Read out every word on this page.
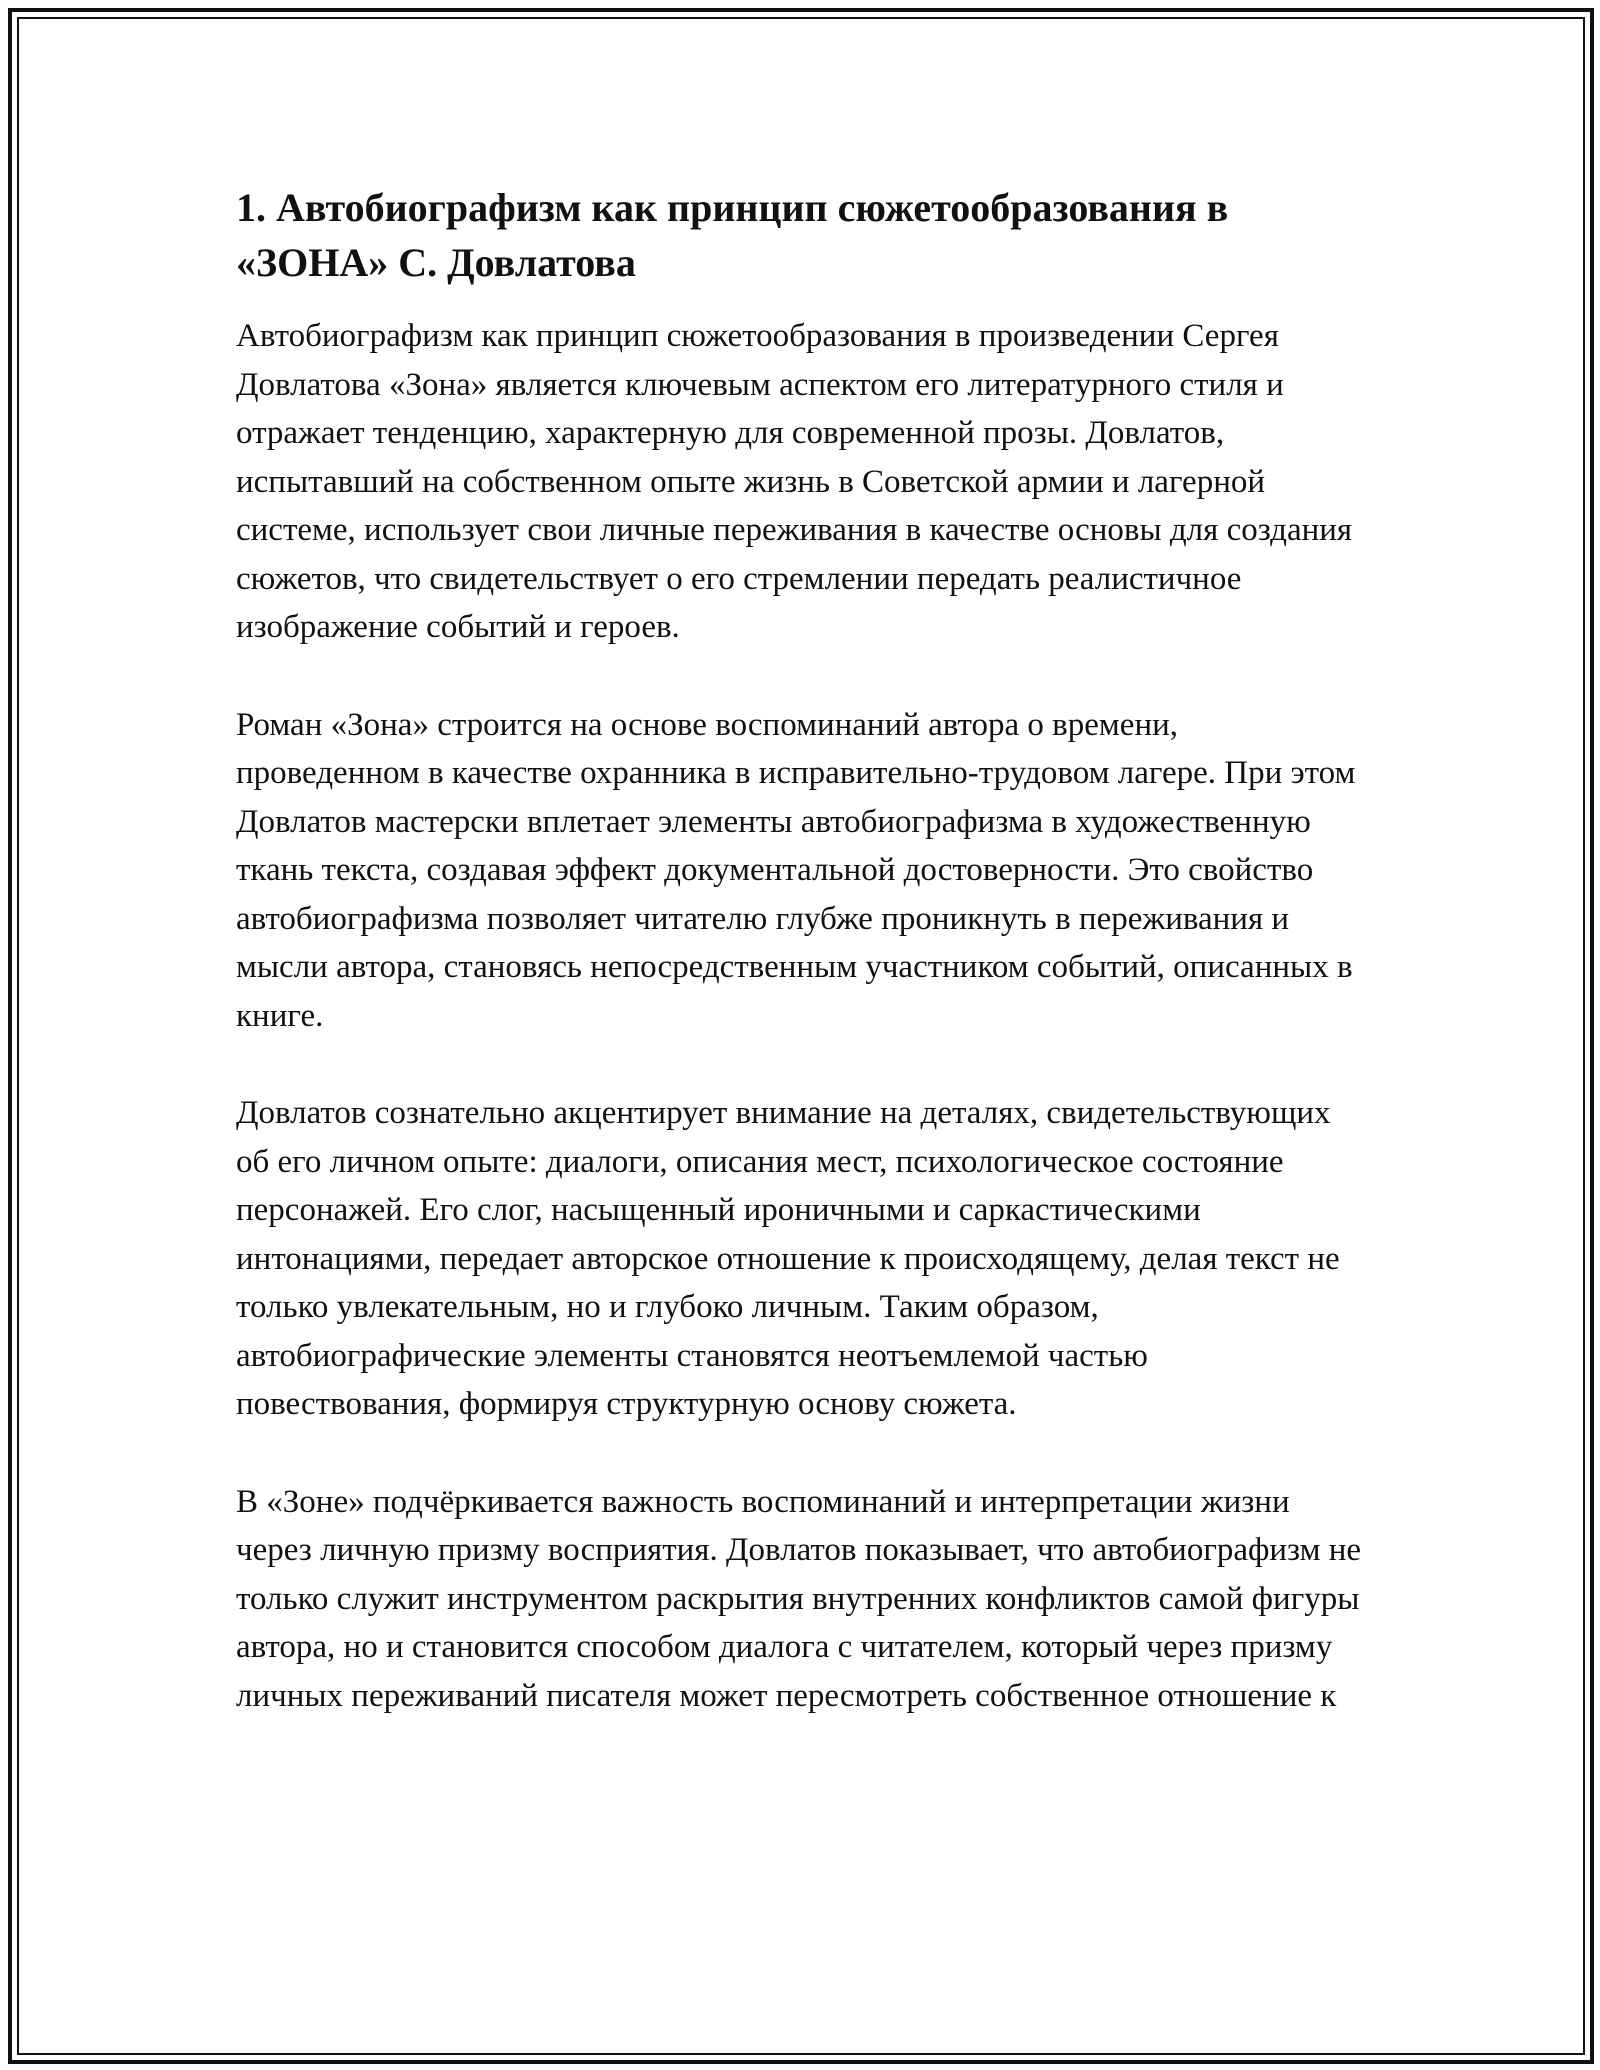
1. Автобиографизм как принцип сюжетообразования в «ЗОНА» С. Довлатова

Автобиографизм как принцип сюжетообразования в произведении Сергея Довлатова «Зона» является ключевым аспектом его литературного стиля и отражает тенденцию, характерную для современной прозы. Довлатов, испытавший на собственном опыте жизнь в Советской армии и лагерной системе, использует свои личные переживания в качестве основы для создания сюжетов, что свидетельствует о его стремлении передать реалистичное изображение событий и героев.

Роман «Зона» строится на основе воспоминаний автора о времени, проведенном в качестве охранника в исправительно-трудовом лагере. При этом Довлатов мастерски вплетает элементы автобиографизма в художественную ткань текста, создавая эффект документальной достоверности. Это свойство автобиографизма позволяет читателю глубже проникнуть в переживания и мысли автора, становясь непосредственным участником событий, описанных в книге.

Довлатов сознательно акцентирует внимание на деталях, свидетельствующих об его личном опыте: диалоги, описания мест, психологическое состояние персонажей. Его слог, насыщенный ироничными и саркастическими интонациями, передает авторское отношение к происходящему, делая текст не только увлекательным, но и глубоко личным. Таким образом, автобиографические элементы становятся неотъемлемой частью повествования, формируя структурную основу сюжета.

В «Зоне» подчёркивается важность воспоминаний и интерпретации жизни через личную призму восприятия. Довлатов показывает, что автобиографизм не только служит инструментом раскрытия внутренних конфликтов самой фигуры автора, но и становится способом диалога с читателем, который через призму личных переживаний писателя может пересмотреть собственное отношение к
